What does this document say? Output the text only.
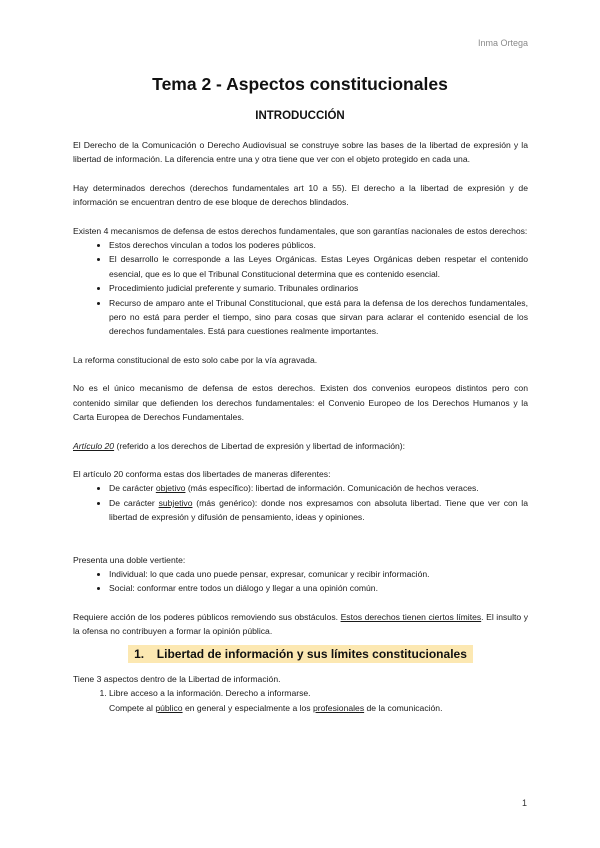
Inma Ortega
Tema 2 - Aspectos constitucionales
INTRODUCCIÓN

El Derecho de la Comunicación o Derecho Audiovisual se construye sobre las bases de la libertad de expresión y la libertad de información. La diferencia entre una y otra tiene que ver con el objeto protegido en cada una.

Hay determinados derechos (derechos fundamentales art 10 a 55). El derecho a la libertad de expresión y de información se encuentran dentro de ese bloque de derechos blindados.

Existen 4 mecanismos de defensa de estos derechos fundamentales, que son garantías nacionales de estos derechos:

• Estos derechos vinculan a todos los poderes públicos.
• El desarrollo le corresponde a las Leyes Orgánicas. Estas Leyes Orgánicas deben respetar el contenido esencial, que es lo que el Tribunal Constitucional determina que es contenido esencial.
• Procedimiento judicial preferente y sumario. Tribunales ordinarios
• Recurso de amparo ante el Tribunal Constitucional, que está para la defensa de los derechos fundamentales, pero no está para perder el tiempo, sino para cosas que sirvan para aclarar el contenido esencial de los derechos fundamentales. Está para cuestiones realmente importantes.

La reforma constitucional de esto solo cabe por la vía agravada.

No es el único mecanismo de defensa de estos derechos. Existen dos convenios europeos distintos pero con contenido similar que defienden los derechos fundamentales: el Convenio Europeo de los Derechos Humanos y la Carta Europea de Derechos Fundamentales.

Artículo 20 (referido a los derechos de Libertad de expresión y libertad de información):

El artículo 20 conforma estas dos libertades de maneras diferentes:

• De carácter objetivo (más específico): libertad de información. Comunicación de hechos veraces.
• De carácter subjetivo (más genérico): donde nos expresamos con absoluta libertad. Tiene que ver con la libertad de expresión y difusión de pensamiento, ideas y opiniones.

Presenta una doble vertiente:

• Individual: lo que cada uno puede pensar, expresar, comunicar y recibir información.
• Social: conformar entre todos un diálogo y llegar a una opinión común.

Requiere acción de los poderes públicos removiendo sus obstáculos. Estos derechos tienen ciertos límites. El insulto y la ofensa no contribuyen a formar la opinión pública.

1. Libertad de información y sus límites constitucionales

Tiene 3 aspectos dentro de la Libertad de información.

1. Libre acceso a la información. Derecho a informarse.

Compete al público en general y especialmente a los profesionales de la comunicación.

1
